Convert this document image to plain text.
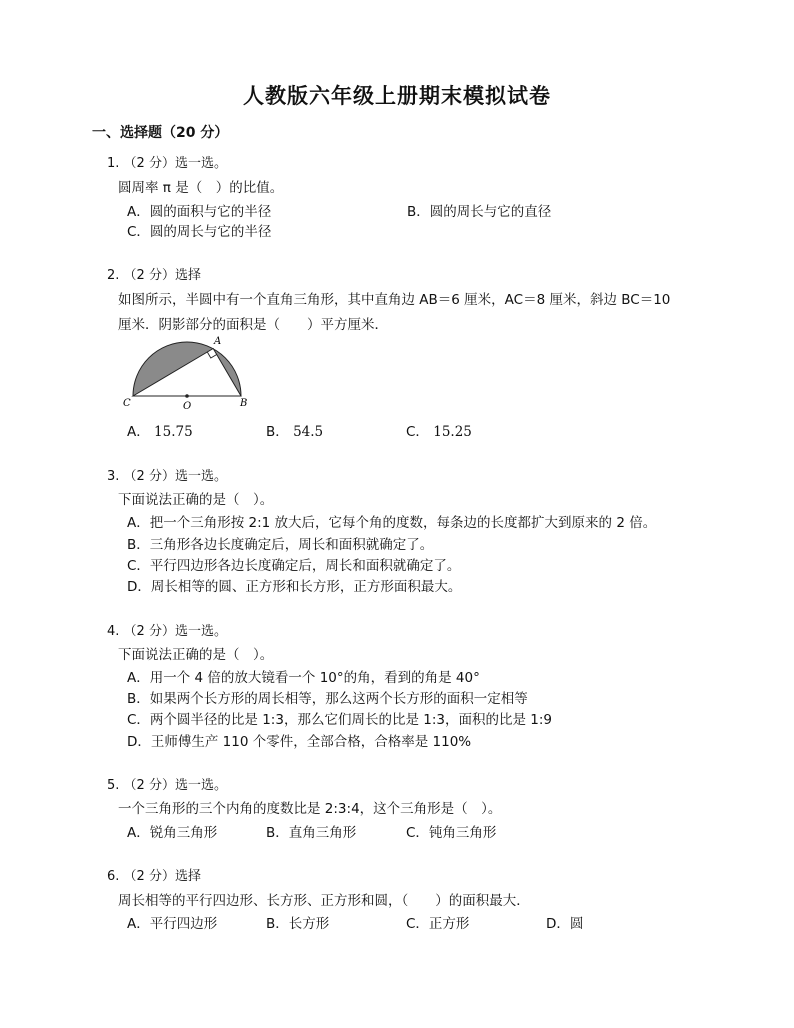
人教版六年级上册期末模拟试卷
一、选择题（20 分）
1. （2 分）选一选。
圆周率 π 是（　）的比值。
A．圆的面积与它的半径	B．圆的周长与它的直径
C．圆的周长与它的半径
2. （2 分）选择
如图所示，半圆中有一个直角三角形，其中直角边 AB＝6 厘米，AC＝8 厘米，斜边 BC＝10
厘米．阴影部分的面积是（　　）平方厘米．
A
B
C	O
A． 15.75	B． 54.5	C． 15.25
3. （2 分）选一选。
下面说法正确的是（　）。
A．把一个三角形按 2:1 放大后，它每个角的度数，每条边的长度都扩大到原来的 2 倍。
B．三角形各边长度确定后，周长和面积就确定了。
C．平行四边形各边长度确定后，周长和面积就确定了。
D．周长相等的圆、正方形和长方形，正方形面积最大。
4. （2 分）选一选。
下面说法正确的是（　）。
A．用一个 4 倍的放大镜看一个 10°的角，看到的角是 40°
B．如果两个长方形的周长相等，那么这两个长方形的面积一定相等
C．两个圆半径的比是 1:3，那么它们周长的比是 1:3，面积的比是 1:9
D．王师傅生产 110 个零件，全部合格，合格率是 110%
5. （2 分）选一选。
一个三角形的三个内角的度数比是 2:3:4，这个三角形是（　）。
A．锐角三角形	B．直角三角形	C．钝角三角形
6. （2 分）选择
周长相等的平行四边形、长方形、正方形和圆，（　　）的面积最大．
A．平行四边形	B．长方形	C．正方形	D．圆
